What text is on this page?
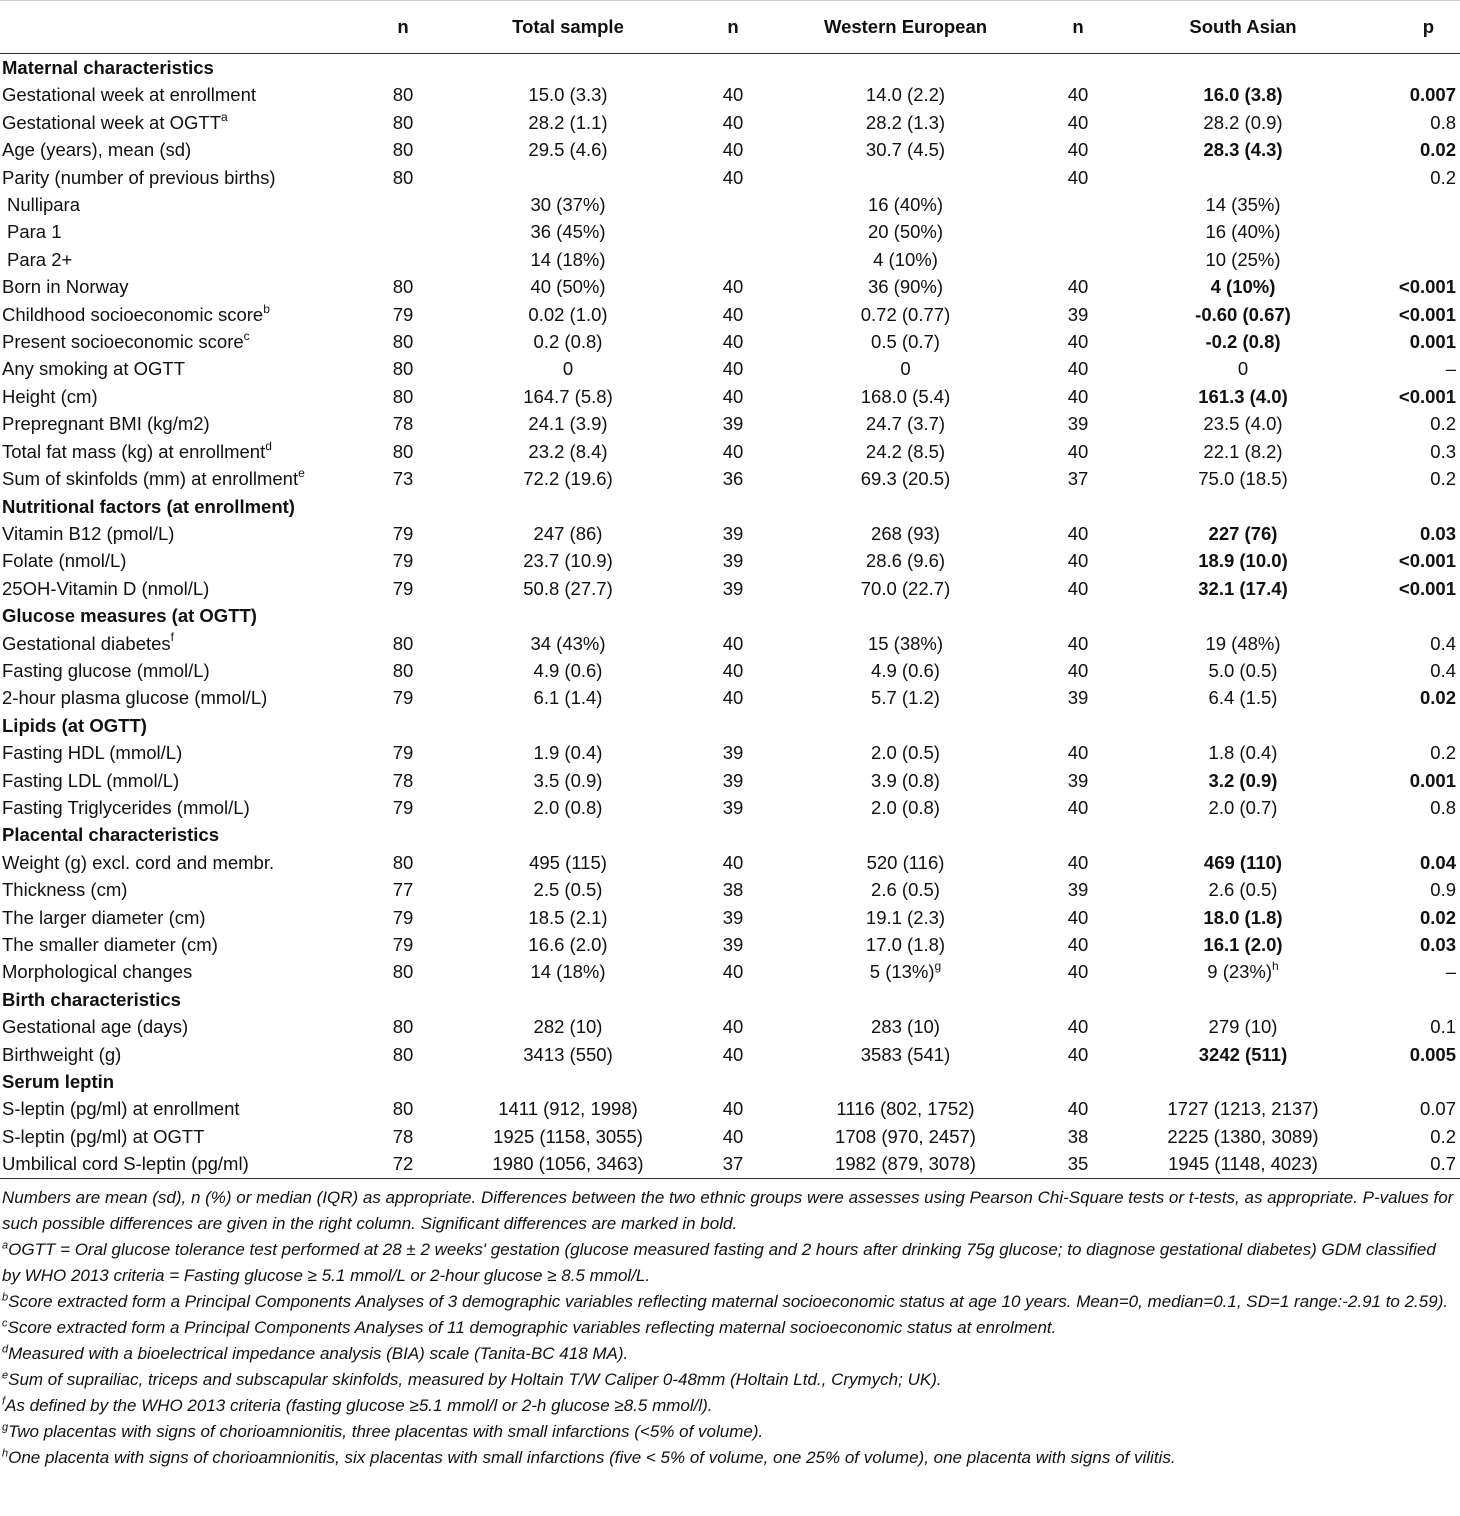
	n	Total sample	n	Western European	n	South Asian	p
Maternal characteristics							
Gestational week at enrollment	80	15.0 (3.3)	40	14.0 (2.2)	40	16.0 (3.8)	0.007
Gestational week at OGTT$^a$	80	28.2 (1.1)	40	28.2 (1.3)	40	28.2 (0.9)	0.8
Age (years), mean (sd)	80	29.5 (4.6)	40	30.7 (4.5)	40	28.3 (4.3)	0.02
Parity (number of previous births)	80		40		40		0.2
Nullipara		30 (37%)		16 (40%)		14 (35%)	
Para 1		36 (45%)		20 (50%)		16 (40%)	
Para 2+		14 (18%)		4 (10%)		10 (25%)	
Born in Norway	80	40 (50%)	40	36 (90%)	40	4 (10%)	<0.001
Childhood socioeconomic score$^b$	79	0.02 (1.0)	40	0.72 (0.77)	39	-0.60 (0.67)	<0.001
Present socioeconomic score$^c$	80	0.2 (0.8)	40	0.5 (0.7)	40	-0.2 (0.8)	0.001
Any smoking at OGTT	80	0	40	0	40	0	–
Height (cm)	80	164.7 (5.8)	40	168.0 (5.4)	40	161.3 (4.0)	<0.001
Prepregnant BMI (kg/m2)	78	24.1 (3.9)	39	24.7 (3.7)	39	23.5 (4.0)	0.2
Total fat mass (kg) at enrollment$^d$	80	23.2 (8.4)	40	24.2 (8.5)	40	22.1 (8.2)	0.3
Sum of skinfolds (mm) at enrollment$^e$	73	72.2 (19.6)	36	69.3 (20.5)	37	75.0 (18.5)	0.2
Nutritional factors (at enrollment)							
Vitamin B12 (pmol/L)	79	247 (86)	39	268 (93)	40	227 (76)	0.03
Folate (nmol/L)	79	23.7 (10.9)	39	28.6 (9.6)	40	18.9 (10.0)	<0.001
25OH-Vitamin D (nmol/L)	79	50.8 (27.7)	39	70.0 (22.7)	40	32.1 (17.4)	<0.001
Glucose measures (at OGTT)							
Gestational diabetes$^f$	80	34 (43%)	40	15 (38%)	40	19 (48%)	0.4
Fasting glucose (mmol/L)	80	4.9 (0.6)	40	4.9 (0.6)	40	5.0 (0.5)	0.4
2-hour plasma glucose (mmol/L)	79	6.1 (1.4)	40	5.7 (1.2)	39	6.4 (1.5)	0.02
Lipids (at OGTT)							
Fasting HDL (mmol/L)	79	1.9 (0.4)	39	2.0 (0.5)	40	1.8 (0.4)	0.2
Fasting LDL (mmol/L)	78	3.5 (0.9)	39	3.9 (0.8)	39	3.2 (0.9)	0.001
Fasting Triglycerides (mmol/L)	79	2.0 (0.8)	39	2.0 (0.8)	40	2.0 (0.7)	0.8
Placental characteristics							
Weight (g) excl. cord and membr.	80	495 (115)	40	520 (116)	40	469 (110)	0.04
Thickness (cm)	77	2.5 (0.5)	38	2.6 (0.5)	39	2.6 (0.5)	0.9
The larger diameter (cm)	79	18.5 (2.1)	39	19.1 (2.3)	40	18.0 (1.8)	0.02
The smaller diameter (cm)	79	16.6 (2.0)	39	17.0 (1.8)	40	16.1 (2.0)	0.03
Morphological changes	80	14 (18%)	40	5 $(13\%)^g$	40	9 $(23\%)^h$	–
Birth characteristics							
Gestational age (days)	80	282 (10)	40	283 (10)	40	279 (10)	0.1
Birthweight (g)	80	3413 (550)	40	3583 (541)	40	3242 (511)	0.005
Serum leptin							
S-leptin (pg/ml) at enrollment	80	1411 (912, 1998)	40	1116 (802, 1752)	40	1727 (1213, 2137)	0.07
S-leptin (pg/ml) at OGTT	78	1925 (1158, 3055)	40	1708 (970, 2457)	38	2225 (1380, 3089)	0.2
Umbilical cord S-leptin (pg/ml)	72	1980 (1056, 3463)	37	1982 (879, 3078)	35	1945 (1148, 4023)	0.7

Numbers are mean (sd), n (%) or median (IQR) as appropriate. Differences between the two ethnic groups were assesses using Pearson Chi-Square tests or t-tests, as appropriate. P-values for such possible differences are given in the right column. Significant differences are marked in bold.

$^a$OGTT = Oral glucose tolerance test performed at 28 ± 2 weeks' gestation (glucose measured fasting and 2 hours after drinking 75g glucose; to diagnose gestational diabetes) GDM classified by WHO 2013 criteria = Fasting glucose ≥ 5.1 mmol/L or 2-hour glucose ≥ 8.5 mmol/L.

$^b$Score extracted form a Principal Components Analyses of 3 demographic variables reflecting maternal socioeconomic status at age 10 years. Mean=0, median=0.1, SD=1 range:-2.91 to 2.59).

$^c$Score extracted form a Principal Components Analyses of 11 demographic variables reflecting maternal socioeconomic status at enrolment.

$^d$Measured with a bioelectrical impedance analysis (BIA) scale (Tanita-BC 418 MA).

$^e$Sum of suprailiac, triceps and subscapular skinfolds, measured by Holtain T/W Caliper 0-48mm (Holtain Ltd., Crymych; UK).

$^f$As defined by the WHO 2013 criteria (fasting glucose ≥5.1 mmol/l or 2-h glucose ≥8.5 mmol/l).

$^g$Two placentas with signs of chorioamnionitis, three placentas with small infarctions (<5% of volume).

$^h$One placenta with signs of chorioamnionitis, six placentas with small infarctions (five < 5% of volume, one 25% of volume), one placenta with signs of vilitis.
